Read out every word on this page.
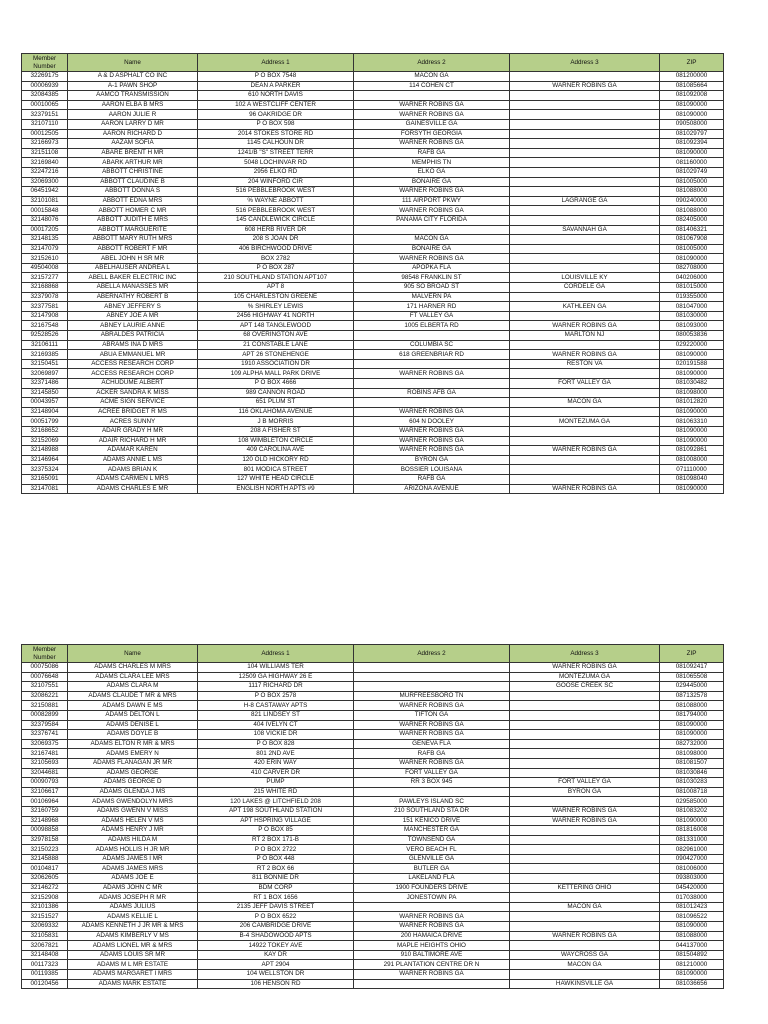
Member Number	Name	Address 1	Address 2	Address 3	ZIP
32269175	A & D ASPHALT CO INC	P O BOX 7548	MACON GA		081200000
00006939	A-1 PAWN SHOP	DEAN A PARKER	114 COHEN CT	WARNER ROBINS GA	081085664
32084385	AAMCO TRANSMISSION	610 NORTH DAVIS			081092008
00010065	AARON ELBA B MRS	102 A WESTCLIFF CENTER	WARNER ROBINS GA		081090000
32379151	AARON JULIE R	96 OAKRIDGE DR	WARNER ROBINS GA		081090000
32107110	AARON LARRY D MR	P O BOX 598	GAINESVILLE GA		090508000
00012505	AARON RICHARD D	2014 STOKES STORE RD	FORSYTH GEORGIA		081029797
32166973	AAZAM SOFIA	1145 CALHOUN DR	WARNER ROBINS GA		081092394
32151108	ABARE BRENT H MR	1241/B "S" STREET TERR	RAFB GA		081090000
32169840	ABARK ARTHUR MR	5048 LOCHINVAR RD	MEMPHIS TN		081160000
32247216	ABBOTT CHRISTINE	2956 ELKO RD	ELKO GA		081029749
32069300	ABBOTT CLAUDINE B	204 WINFORD CIR	BONAIRE GA		081005000
06451942	ABBOTT DONNA S	516 PEBBLEBROOK WEST	WARNER ROBINS GA		081088000
32101081	ABBOTT EDNA MRS	% WAYNE ABBOTT	111 AIRPORT PKWY	LAGRANGE GA	090240000
00015848	ABBOTT HOMER C MR	516 PEBBLEBROOK WEST	WARNER ROBINS GA		081088000
32148076	ABBOTT JUDITH E MRS	145 CANDLEWICK CIRCLE	PANAMA CITY FLORIDA		082405000
00017205	ABBOTT MARGUERITE	608 HERB RIVER DR		SAVANNAH GA	081406321
32148135	ABBOTT MARY RUTH MRS	208 S JOAN DR	MACON GA		081067908
32147079	ABBOTT ROBERT F MR	406 BIRCHWOOD DRIVE	BONAIRE GA		081005000
32152610	ABEL JOHN H SR MR	BOX 2782	WARNER ROBINS GA		081090000
49504008	ABELHAUSER ANDREA L	P O BOX 287	APOPKA FLA		082708000
32157277	ABELL BAKER ELECTRIC INC	210 SOUTHLAND STATION APT107	98548 FRANKLIN ST	LOUISVILLE KY	040206000
32168868	ABELLA MANASSES MR	APT 8	905 SO BROAD ST	CORDELE GA	081015000
32379078	ABERNATHY ROBERT B	105 CHARLESTON GREENE	MALVERN PA		019355000
32377581	ABNEY JEFFERY S	% SHIRLEY LEWIS	171 HARNER RD	KATHLEEN GA	081047000
32147908	ABNEY JOE A MR	2456 HIGHWAY 41 NORTH	FT VALLEY GA		081030000
32167548	ABNEY LAURIE ANNE	APT 148 TANGLEWOOD	1005 ELBERTA RD	WARNER ROBINS GA	081093000
92528526	ABRALDES PATRICIA	68 OVERINGTON AVE		MARLTON NJ	080053836
32106111	ABRAMS INA D MRS	21 CONSTABLE LANE	COLUMBIA SC		029220000
32169385	ABUA EMMANUEL MR	APT 26 STONEHENGE	618 GREENBRIAR RD	WARNER ROBINS GA	081090000
32150451	ACCESS RESEARCH CORP	1910 ASSOCIATION DR		RESTON VA	020191588
32069897	ACCESS RESEARCH CORP	109 ALPHA MALL PARK DRIVE	WARNER ROBINS GA		081090000
32371486	ACHUDUME ALBERT	P O BOX 4666		FORT VALLEY GA	081030482
32145850	ACKER SANDRA K MISS	989 CANNON ROAD	ROBINS AFB GA		081098000
00043957	ACME SIGN SERVICE	651 PLUM ST		MACON GA	081012820
32148904	ACREE BRIDGET R MS	116 OKLAHOMA AVENUE	WARNER ROBINS GA		081090000
00051799	ACRES SUNNY	J B MORRIS	604 N DOOLEY	MONTEZUMA GA	081063310
32168652	ADAIR GRADY H MR	208 A FISHER ST	WARNER ROBINS GA		081090000
32152069	ADAIR RICHARD H MR	108 WIMBLETON CIRCLE	WARNER ROBINS GA		081090000
32148988	ADAMAR KAREN	409 CAROLINA AVE	WARNER ROBINS GA	WARNER ROBINS GA	081092861
32146964	ADAMS ANNIE L MS	120 OLD HICKORY RD	BYRON GA		081008000
32375324	ADAMS BRIAN K	801 MODICA STREET	BOSSIER LOUISANA		071110000
32165091	ADAMS CARMEN L MRS	127 WHITE HEAD CIRCLE	RAFB GA		081098040
32147081	ADAMS CHARLES E MR	ENGLISH NORTH APTS #9	ARIZONA AVENUE	WARNER ROBINS GA	081090000
Member Number	Name	Address 1	Address 2	Address 3	ZIP
00075086	ADAMS CHARLES M MRS	104 WILLIAMS TER		WARNER ROBINS GA	081092417
00076648	ADAMS CLARA LEE MRS	12509 GA HIGHWAY 26 E		MONTEZUMA GA	081065508
32107551	ADAMS CLARA M	1117 RICHARD DR		GOOSE CREEK SC	029445000
32086221	ADAMS CLAUDE T MR & MRS	P O BOX 2578	MURFREESBORO TN		087132578
32150881	ADAMS DAWN E MS	H-8 CASTAWAY APTS	WARNER ROBINS GA		081088000
00082899	ADAMS DELTON L	821 LINDSEY ST	TIFTON GA		081794000
32379584	ADAMS DENISE L	404 IVELYN CT	WARNER ROBINS GA		081090000
32376741	ADAMS DOYLE B	108 VICKIE DR	WARNER ROBINS GA		081090000
32069375	ADAMS ELTON R MR & MRS	P O BOX 828	GENEVA FLA		082732000
32167481	ADAMS EMERY N	801 2ND AVE	RAFB GA		081098000
32105693	ADAMS FLANAGAN JR MR	420 ERIN WAY	WARNER ROBINS GA		081081507
32044681	ADAMS GEORGE	410 CARVER DR	FORT VALLEY GA		081030846
00090793	ADAMS GEORGE D	PUMP	RR 3 BOX 945	FORT VALLEY GA	081030283
32106617	ADAMS GLENDA J MS	215 WHITE RD		BYRON GA	081008718
00106964	ADAMS GWENDOLYN MRS	120 LAKES @ LITCHFIELD 208	PAWLEYS ISLAND SC		029585000
32160759	ADAMS GWENN V MISS	APT 198 SOUTHLAND STATION	210 SOUTHLAND STA DR	WARNER ROBINS GA	081083202
32148968	ADAMS HELEN V MS	APT HSPRING VILLAGE	151 KENICO DRIVE	WARNER ROBINS GA	081090000
00098858	ADAMS HENRY J MR	P O BOX 85	MANCHESTER GA		081816008
32978158	ADAMS HILDA M	RT 2 BOX 171-B	TOWNSEND GA		081331000
32150223	ADAMS HOLLIS H JR MR	P O BOX 2722	VERO BEACH FL		082961000
32145888	ADAMS JAMES I MR	P O BOX 448	GLENVILLE GA		090427000
00104817	ADAMS JAMES MRS	RT 2 BOX 66	BUTLER GA		081006000
32062605	ADAMS JOE E	811 BONNIE DR	LAKELAND FLA		093803000
32146272	ADAMS JOHN C MR	BDM CORP	1900 FOUNDERS DRIVE	KETTERING OHIO	045420000
32152908	ADAMS JOSEPH R MR	RT 1 BOX 1656	JONESTOWN PA		017038000
32101386	ADAMS JULIUS	2135 JEFF DAVIS STREET		MACON GA	081012423
32151527	ADAMS KELLIE L	P O BOX 6522	WARNER ROBINS GA		081096522
32069332	ADAMS KENNETH J JR MR & MRS	206 CAMBRIDGE DRIVE	WARNER ROBINS GA		081090000
32105831	ADAMS KIMBERLY V MS	B-4 SHADOWOOD APTS	200 HAMAICA DRIVE	WARNER ROBINS GA	081088000
32067821	ADAMS LIONEL MR & MRS	14922 TOKEY AVE	MAPLE HEIGHTS OHIO		044137000
32148408	ADAMS LOUIS SR MR	KAY DR	910 BALTIMORE AVE	WAYCROSS GA	081504892
00117323	ADAMS M L MR ESTATE	APT 2904	291 PLANTATION CENTRE DR N	MACON GA	081210000
00119385	ADAMS MARGARET I MRS	104 WELLSTON DR	WARNER ROBINS GA		081090000
00120456	ADAMS MARK ESTATE	106 HENSON RD		HAWKINSVILLE GA	081036656
